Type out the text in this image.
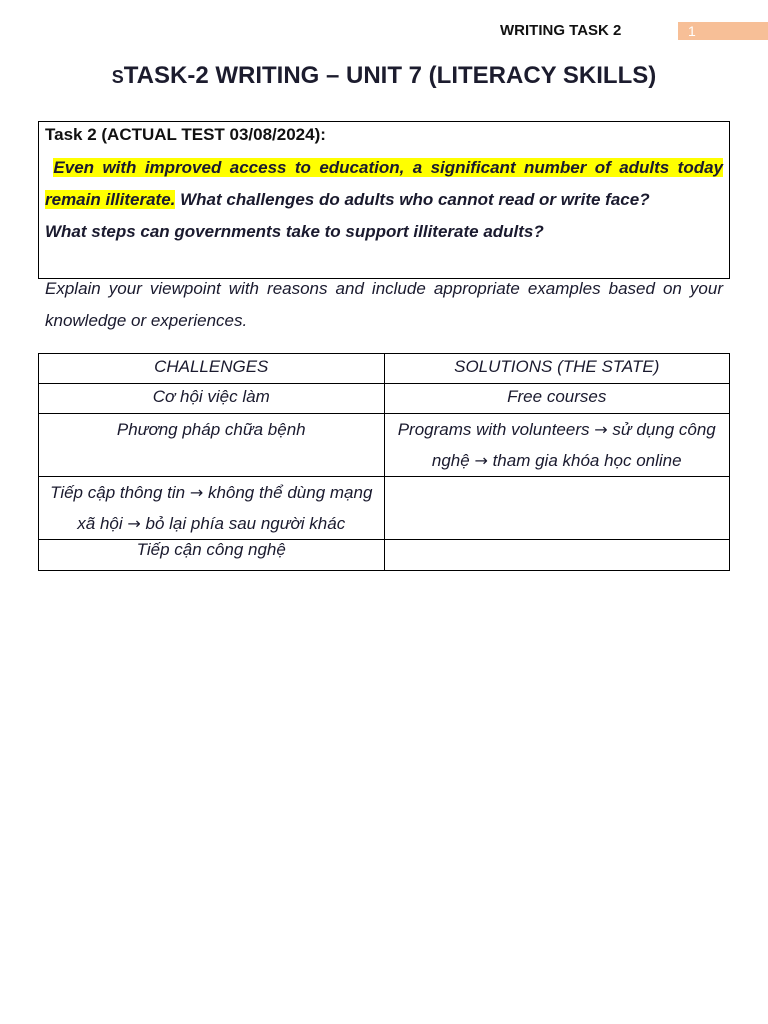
WRITING TASK 2	1
STASK-2 WRITING – UNIT 7 (LITERACY SKILLS)
Task 2 (ACTUAL TEST 03/08/2024):
Even with improved access to education, a significant number of adults today remain illiterate. What challenges do adults who cannot read or write face?
What steps can governments take to support illiterate adults?
Explain your viewpoint with reasons and include appropriate examples based on your knowledge or experiences.
CHALLENGES	SOLUTIONS (THE STATE)
Cơ hội việc làm	Free courses
Phương pháp chữa bệnh	Programs with volunteers → sử dụng công nghệ → tham gia khóa học online
Tiếp cập thông tin → không thể dùng mạng xã hội → bỏ lại phía sau người khác	
Tiếp cận công nghệ	
